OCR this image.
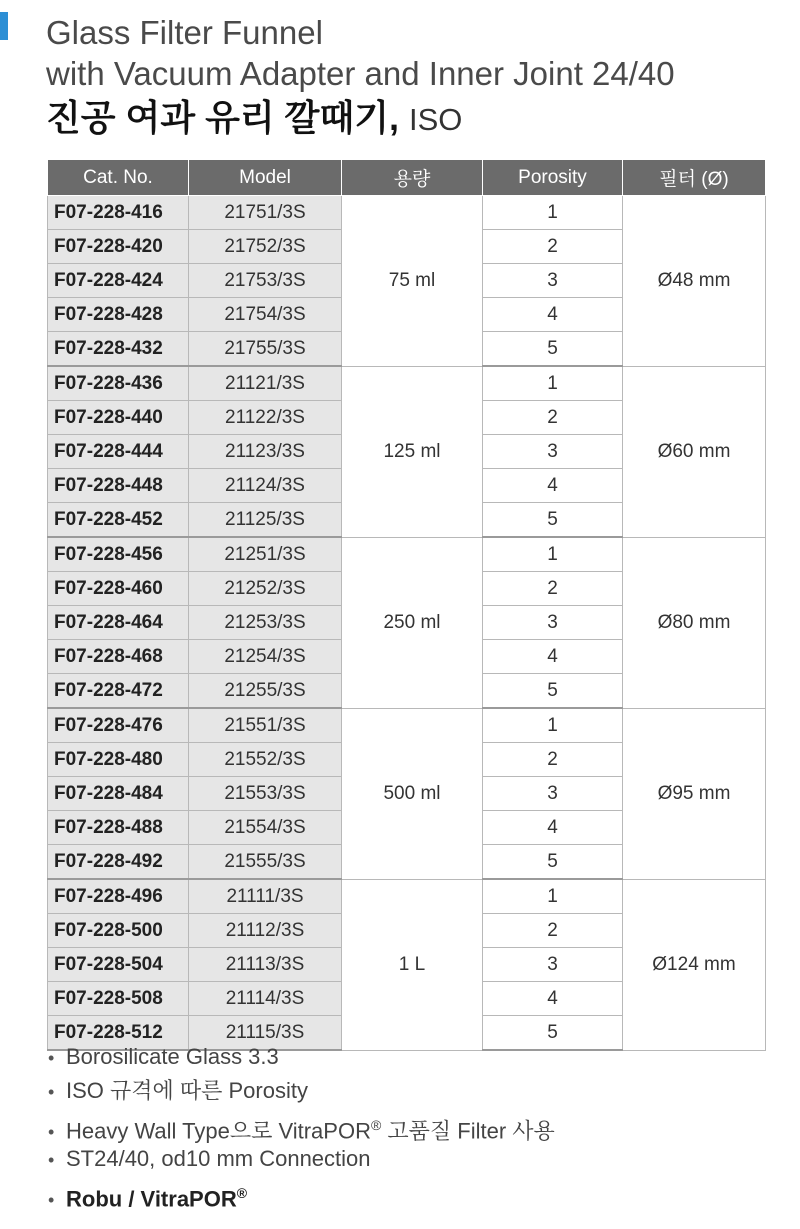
Glass Filter Funnel
with Vacuum Adapter and Inner Joint 24/40
진공 여과 유리 깔때기, ISO
Cat. No.	Model	용량	Porosity	필터 (Ø)
F07-228-416	21751/3S	75 ml	1	Ø48 mm
F07-228-420	21752/3S		2	
F07-228-424	21753/3S		3	
F07-228-428	21754/3S		4	
F07-228-432	21755/3S		5	
F07-228-436	21121/3S	125 ml	1	Ø60 mm
F07-228-440	21122/3S		2	
F07-228-444	21123/3S		3	
F07-228-448	21124/3S		4	
F07-228-452	21125/3S		5	
F07-228-456	21251/3S	250 ml	1	Ø80 mm
F07-228-460	21252/3S		2	
F07-228-464	21253/3S		3	
F07-228-468	21254/3S		4	
F07-228-472	21255/3S		5	
F07-228-476	21551/3S	500 ml	1	Ø95 mm
F07-228-480	21552/3S		2	
F07-228-484	21553/3S		3	
F07-228-488	21554/3S		4	
F07-228-492	21555/3S		5	
F07-228-496	21111/3S	1 L	1	Ø124 mm
F07-228-500	21112/3S		2	
F07-228-504	21113/3S		3	
F07-228-508	21114/3S		4	
F07-228-512	21115/3S		5	
• Borosilicate Glass 3.3
• ISO 규격에 따른 Porosity
• Heavy Wall Type으로 VitraPOR® 고품질 Filter 사용
• ST24/40, od10 mm Connection
• Robu / VitraPOR®
